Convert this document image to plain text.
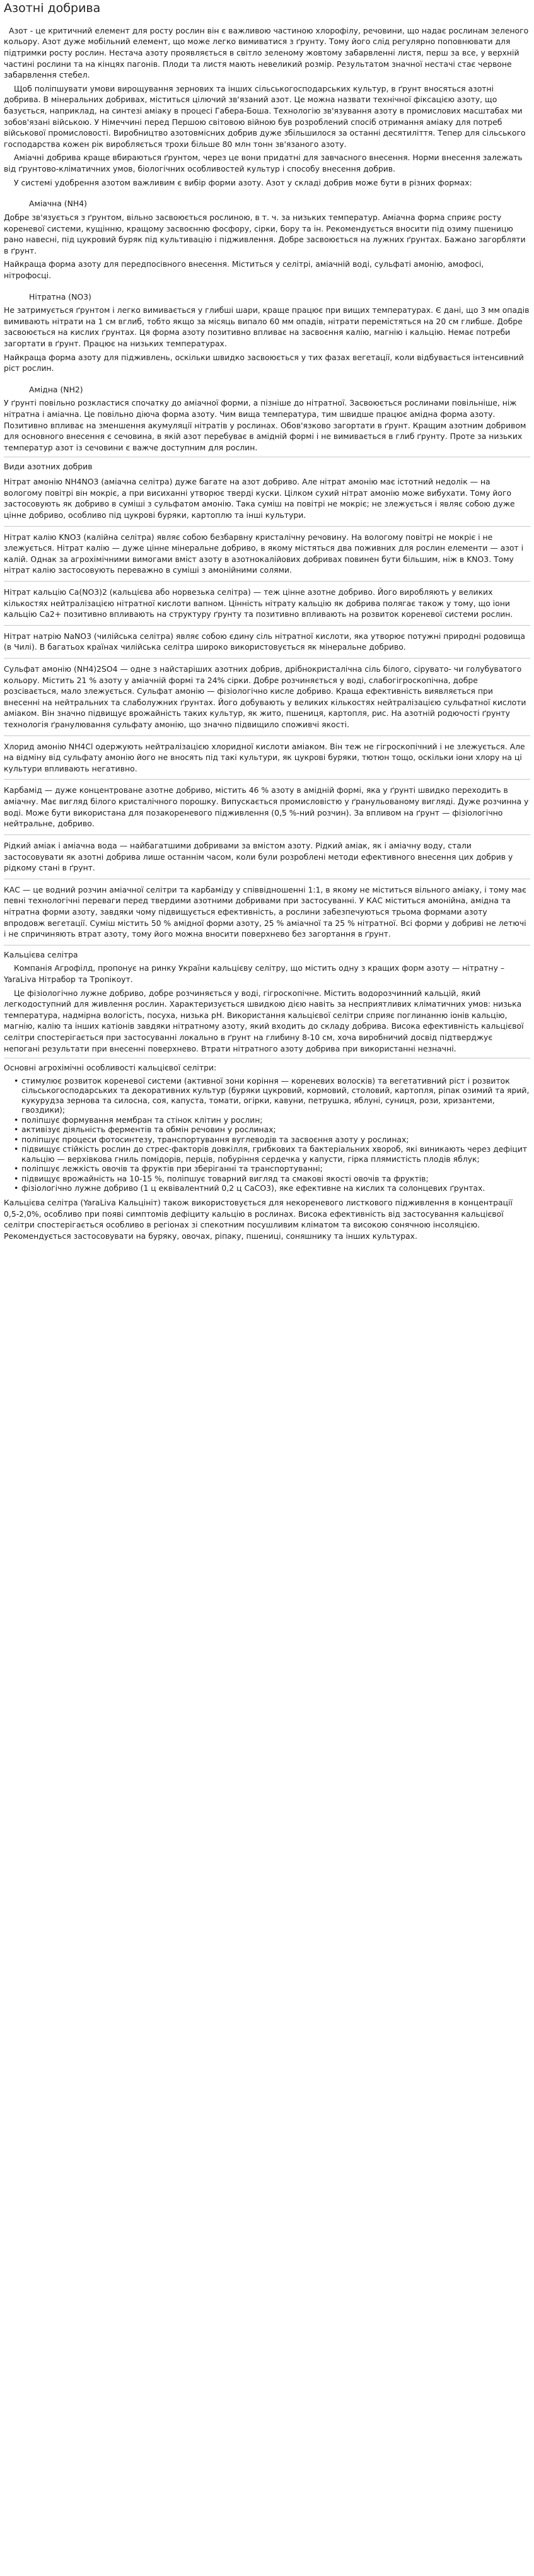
Азотні добрива

Азот - це критичний елемент для росту рослин він є важливою частиною хлорофілу, речовини, що надає рослинам зеленого кольору. Азот дуже мобільний елемент, що може легко вимиватися з ґрунту. Тому його слід регулярно поповнювати для підтримки росту рослин. Нестача азоту проявляється в світло зеленому жовтому забарвленні листя, перш за все, у верхній частині рослини та на кінцях пагонів. Плоди та листя мають невеликий розмір. Результатом значної нестачі стає червоне забарвлення стебел.

Щоб поліпшувати умови вирощування зернових та інших сільськогосподарських культур, в ґрунт вносяться азотні добрива. В мінеральних добривах, міститься цілючий зв'язаний азот. Це можна назвати технічної фіксацією азоту, що базується, наприклад, на синтезі аміаку в процесі Габера-Боша. Технологію зв'язування азоту в промислових масштабах ми зобов'язані війською. У Німеччині перед Першою світовою війною був розроблений спосіб отримання аміаку для потреб військової промисловості. Виробництво азотовмісних добрив дуже збільшилося за останні десятиліття. Тепер для сільського господарства кожен рік виробляється трохи більше 80 млн тонн зв'язаного азоту.

Аміачні добрива краще вбираються ґрунтом, через це вони придатні для завчасного внесення. Норми внесення залежать від ґрунтово-кліматичних умов, біологічних особливостей культур і способу внесення добрив.

У системі удобрення азотом важливим є вибір форми азоту. Азот у складі добрив може бути в різних формах:

Аміачна (NH4)

Добре зв'язується з ґрунтом, вільно засвоюється рослиною, в т. ч. за низьких температур. Аміачна форма сприяє росту кореневої системи, кущінню, кращому засвоєнню фосфору, сірки, бору та ін. Рекомендується вносити під озиму пшеницю рано навесні, під цукровий буряк під культивацію і підживлення. Добре засвоюється на лужних ґрунтах. Бажано загорбляти в ґрунт.

Найкраща форма азоту для передпосівного внесення. Міститься у селітрі, аміачній воді, сульфаті амонію, амофосі, нітрофосці.

Нітратна (NO3)

Не затримується ґрунтом і легко вимивається у глибші шари, краще працює при вищих температурах. Є дані, що 3 мм опадів вимивають нітрати на 1 см вглиб, тобто якщо за місяць випало 60 мм опадів, нітрати перемістяться на 20 см глибше. Добре засвоюється на кислих ґрунтах. Ця форма азоту позитивно впливає на засвоєння калію, магнію і кальцію. Немає потреби загортати в ґрунт. Працює на низьких температурах.

Найкраща форма азоту для підживлень, оскільки швидко засвоюється у тих фазах вегетації, коли відбувається інтенсивний ріст рослин.

Амідна (NH2)

У ґрунті повільно розкластися спочатку до аміачної форми, а пізніше до нітратної. Засвоюється рослинами повільніше, ніж нітратна і аміачна. Це повільно діюча форма азоту. Чим вища температура, тим швидше працює амідна форма азоту. Позитивно впливає на зменшення акумуляції нітратів у рослинах. Обов'язково загортати в ґрунт. Кращим азотним добривом для основного внесення є сечовина, в якій азот перебуває в амідній формі і не вимивається в глиб ґрунту. Проте за низьких температур азот із сечовини є важче доступним для рослин.

Види азотних добрив

Нітрат амонію NH4NO3 (аміачна селітра) дуже багате на азот добриво. Але нітрат амонію має істотний недолік — на вологому повітрі він мокріє, а при висиханні утворює тверді куски. Цілком сухий нітрат амонію може вибухати. Тому його застосовують як добриво в суміші з сульфатом амонію. Така суміш на повітрі не мокріє; не злежується і являє собою дуже цінне добриво, особливо під цукрові буряки, картоплю та інші культури.

Нітрат калію KNO3 (калійна селітра) являє собою безбарвну кристалічну речовину. На вологому повітрі не мокріє і не злежується. Нітрат калію — дуже цінне мінеральне добриво, в якому містяться два поживних для рослин елементи — азот і калій. Однак за агрохімічними вимогами вміст азоту в азотнокалійових добривах повинен бути більшим, ніж в KNO3. Тому нітрат калію застосовують переважно в суміші з амонійними солями.

Нітрат кальцію Ca(NO3)2 (кальцієва або норвезька селітра) — теж цінне азотне добриво. Його виробляють у великих кількостях нейтралізацією нітратної кислоти вапном. Цінність нітрату кальцію як добрива полягає також у тому, що іони кальцію Ca2+ позитивно впливають на структуру ґрунту та позитивно впливають на розвиток кореневої системи рослин.

Нітрат натрію NaNO3 (чилійська селітра) являє собою єдину сіль нітратної кислоти, яка утворює потужні природні родовища (в Чилі). В багатьох країнах чилійська селітра широко використовується як мінеральне добриво.

Сульфат амонію (NH4)2SO4 — одне з найстаріших азотних добрив, дрібнокристалічна сіль білого, сірувато- чи голубуватого кольору. Містить 21 % азоту у аміачній формі та 24% сірки. Добре розчиняється у воді, слабогігроскопічна, добре розсівається, мало злежується. Сульфат амонію — фізіологічно кисле добриво. Краща ефективність виявляється при внесенні на нейтральних та слаболужних ґрунтах. Його добувають у великих кількостях нейтралізацією сульфатної кислоти аміаком. Він значно підвищує врожайність таких культур, як жито, пшениця, картопля, рис. На азотній родючості ґрунту технологія ґранулювання сульфату амонію, що значно підвищило споживчі якості.

Хлорид амонію NH4Cl одержують нейтралізацією хлоридної кислоти аміаком. Він теж не гігроскопічний і не злежується. Але на відміну від сульфату амонію його не вносять під такі культури, як цукрові буряки, тютюн тощо, оскільки іони хлору на ці культури впливають негативно.

Карбамід — дуже концентроване азотне добриво, містить 46 % азоту в амідній формі, яка у ґрунті швидко переходить в аміачну. Має вигляд білого кристалічного порошку. Випускається промисловістю у ґранульованому вигляді. Дуже розчинна у воді. Може бути використана для позакореневого підживлення (0,5 %-ний розчин). За впливом на ґрунт — фізіологічно нейтральне, добриво.

Рідкий аміак і аміачна вода — найбагатшими добривами за вмістом азоту. Рідкий аміак, як і аміачну воду, стали застосовувати як азотні добрива лише останнім часом, коли були розроблені методи ефективного внесення цих добрив у рідкому стані в ґрунт.

КАС — це водний розчин аміачної селітри та карбаміду у співвідношенні 1:1, в якому не міститься вільного аміаку, і тому має певні технологічні переваги перед твердими азотними добривами при застосуванні. У КАС міститься амонійна, амідна та нітратна форми азоту, завдяки чому підвищується ефективність, а рослини забезпечуються трьома формами азоту впродовж вегетації. Суміш містить 50 % амідної форми азоту, 25 % аміачної та 25 % нітратної. Всі форми у добриві не летючі і не спричиняють втрат азоту, тому його можна вносити поверхнево без загортання в ґрунт.

Кальцієва селітра

Компанія Агрофілд, пропонує на ринку України кальцієву селітру, що містить одну з кращих форм азоту — нітратну – YaraLiva Нітрабор та Тропікоут.

Це фізіологічно лужне добриво, добре розчиняється у воді, гігроскопічне. Містить водорозчинний кальцій, який легкодоступний для живлення рослин. Характеризується швидкою дією навіть за несприятливих кліматичних умов: низька температура, надмірна вологість, посуха, низька pH. Використання кальцієвої селітри сприяє поглинанню іонів кальцію, магнію, калію та інших катіонів завдяки нітратному азоту, який входить до складу добрива. Висока ефективність кальцієвої селітри спостерігається при застосуванні локально в ґрунт на глибину 8-10 см, хоча виробничий досвід підтверджує непогані результати при внесенні поверхнево. Втрати нітратного азоту добрива при використанні незначні.

Основні агрохімічні особливості кальцієвої селітри:

• стимулює розвиток кореневої системи (активної зони коріння — кореневих волосків) та вегетативний ріст і розвиток сільськогосподарських та декоративних культур (буряки цукровий, кормовий, столовий, картопля, ріпак озимий та ярий, кукурудза зернова та силосна, соя, капуста, томати, огірки, кавуни, петрушка, яблуні, суниця, рози, хризантеми, гвоздики);
• поліпшує формування мембран та стінок клітин у рослин;
• активізує діяльність ферментів та обмін речовин у рослинах;
• поліпшує процеси фотосинтезу, транспортування вуглеводів та засвоєння азоту у рослинах;
• підвищує стійкість рослин до стрес-факторів довкілля, грибкових та бактеріальних хвороб, які виникають через дефіцит кальцію — верхівкова гниль помідорів, перців, побуріння сердечка у капусти, гірка плямистість плодів яблук;
• поліпшує лежкість овочів та фруктів при зберіганні та транспортуванні;
• підвищує врожайність на 10-15 %, поліпшує товарний вигляд та смакові якості овочів та фруктів;
• фізіологічно лужне добриво (1 ц еквівалентний 0,2 ц CaCO3), яке ефективне на кислих та солонцевих ґрунтах.

Кальцієва селітра (YaraLiva Кальцініт) також використовується для некореневого листкового підживлення в концентрації 0,5-2,0%, особливо при появі симптомів дефіциту кальцію в рослинах. Висока ефективність від застосування кальцієвої селітри спостерігається особливо в регіонах зі спекотним посушливим кліматом та високою сонячною інсоляцією. Рекомендується застосовувати на буряку, овочах, ріпаку, пшениці, соняшнику та інших культурах.
